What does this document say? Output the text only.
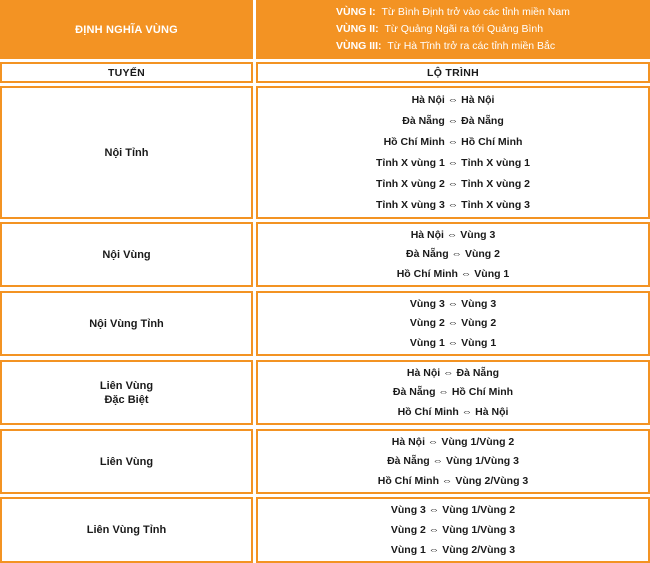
ĐỊNH NGHĨA VÙNG
VÙNG I: Từ Bình Định trở vào các tỉnh miền Nam
VÙNG II: Từ Quảng Ngãi ra tới Quảng Bình
VÙNG III: Từ Hà Tĩnh trở ra các tỉnh miền Bắc
TUYẾN	LỘ TRÌNH
Nội Tỉnh
Hà Nội ⇔ Hà Nội
Đà Nẵng ⇔ Đà Nẵng
Hồ Chí Minh ⇔ Hồ Chí Minh
Tỉnh X vùng 1 ⇔ Tỉnh X vùng 1
Tỉnh X vùng 2 ⇔ Tỉnh X vùng 2
Tỉnh X vùng 3 ⇔ Tỉnh X vùng 3
Nội Vùng
Hà Nội ⇔ Vùng 3
Đà Nẵng ⇔ Vùng 2
Hồ Chí Minh ⇔ Vùng 1
Nội Vùng Tỉnh
Vùng 3 ⇔ Vùng 3
Vùng 2 ⇔ Vùng 2
Vùng 1 ⇔ Vùng 1
Liên Vùng
Đặc Biệt
Hà Nội ⇔ Đà Nẵng
Đà Nẵng ⇔ Hồ Chí Minh
Hồ Chí Minh ⇔ Hà Nội
Liên Vùng
Hà Nội ⇔ Vùng 1/Vùng 2
Đà Nẵng ⇔ Vùng 1/Vùng 3
Hồ Chí Minh ⇔ Vùng 2/Vùng 3
Liên Vùng Tỉnh
Vùng 3 ⇔ Vùng 1/Vùng 2
Vùng 2 ⇔ Vùng 1/Vùng 3
Vùng 1 ⇔ Vùng 2/Vùng 3
